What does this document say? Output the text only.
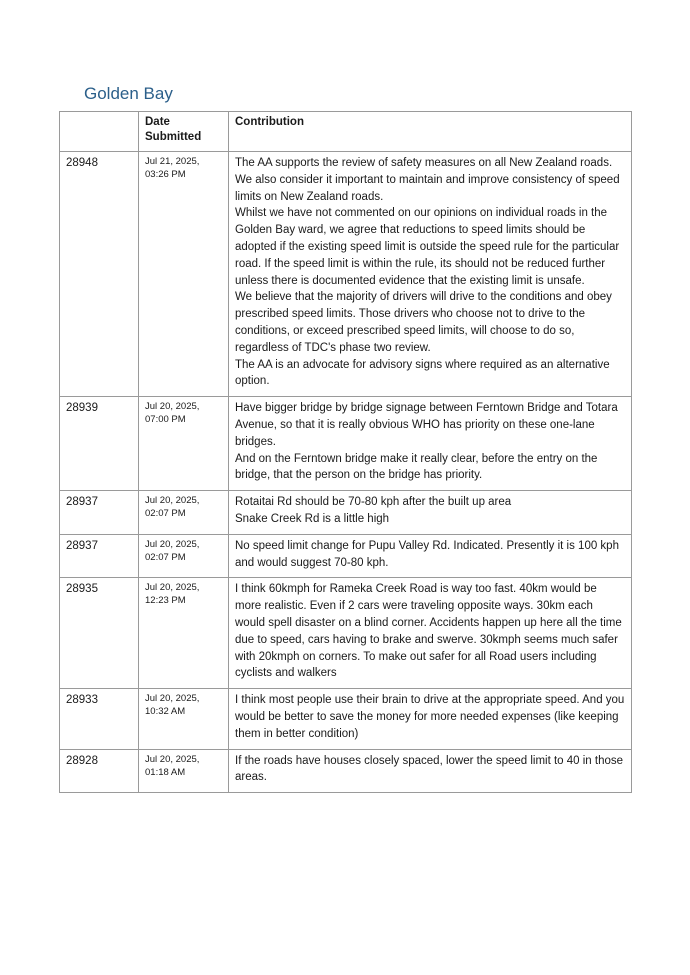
Golden Bay
	Date Submitted	Contribution
28948	Jul 21, 2025, 03:26 PM	The AA supports the review of safety measures on all New Zealand roads. We also consider it important to maintain and improve consistency of speed limits on New Zealand roads.
Whilst we have not commented on our opinions on individual roads in the Golden Bay ward, we agree that reductions to speed limits should be adopted if the existing speed limit is outside the speed rule for the particular road. If the speed limit is within the rule, its should not be reduced further unless there is documented evidence that the existing limit is unsafe.
We believe that the majority of drivers will drive to the conditions and obey prescribed speed limits. Those drivers who choose not to drive to the conditions, or exceed prescribed speed limits, will choose to do so, regardless of TDC's phase two review.
The AA is an advocate for advisory signs where required as an alternative option.
28939	Jul 20, 2025, 07:00 PM	Have bigger bridge by bridge signage between Ferntown Bridge and Totara Avenue, so that it is really obvious WHO has priority on these one-lane bridges.
And on the Ferntown bridge make it really clear, before the entry on the bridge, that the person on the bridge has priority.
28937	Jul 20, 2025, 02:07 PM	Rotaitai Rd should be 70-80 kph after the built up area
Snake Creek Rd is a little high
28937	Jul 20, 2025, 02:07 PM	No speed limit change for Pupu Valley Rd. Indicated. Presently it is 100 kph and would suggest 70-80 kph.
28935	Jul 20, 2025, 12:23 PM	I think 60kmph for Rameka Creek Road is way too fast. 40km would be more realistic. Even if 2 cars were traveling opposite ways. 30km each would spell disaster on a blind corner. Accidents happen up here all the time due to speed, cars having to brake and swerve. 30kmph seems much safer with 20kmph on corners. To make out safer for all Road users including cyclists and walkers
28933	Jul 20, 2025, 10:32 AM	I think most people use their brain to drive at the appropriate speed. And you would be better to save the money for more needed expenses (like keeping them in better condition)
28928	Jul 20, 2025, 01:18 AM	If the roads have houses closely spaced, lower the speed limit to 40 in those areas.
